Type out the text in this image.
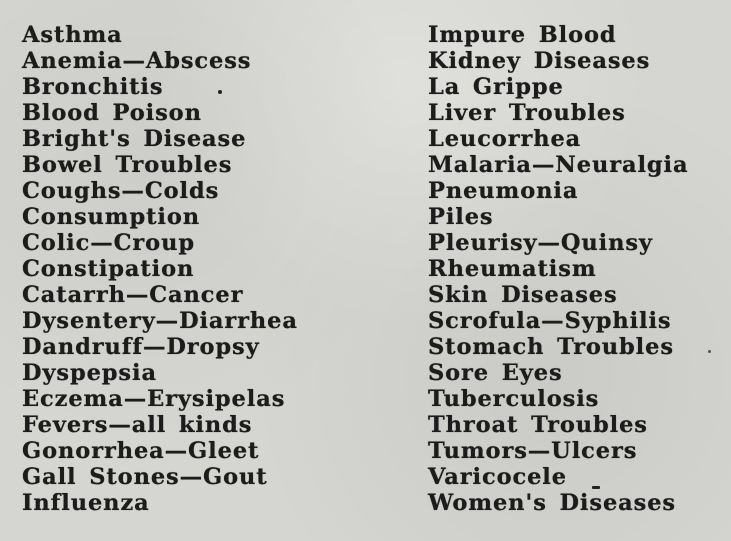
Asthma
Anemia—Abscess
Bronchitis
Blood Poison
Bright's Disease
Bowel Troubles
Coughs—Colds
Consumption
Colic—Croup
Constipation
Catarrh—Cancer
Dysentery—Diarrhea
Dandruff—Dropsy
Dyspepsia
Eczema—Erysipelas
Fevers—all kinds
Gonorrhea—Gleet
Gall Stones—Gout
Influenza
Impure Blood
Kidney Diseases
La Grippe
Liver Troubles
Leucorrhea
Malaria—Neuralgia
Pneumonia
Piles
Pleurisy—Quinsy
Rheumatism
Skin Diseases
Scrofula—Syphilis
Stomach Troubles
Sore Eyes
Tuberculosis
Throat Troubles
Tumors—Ulcers
Varicocele
Women's Diseases
